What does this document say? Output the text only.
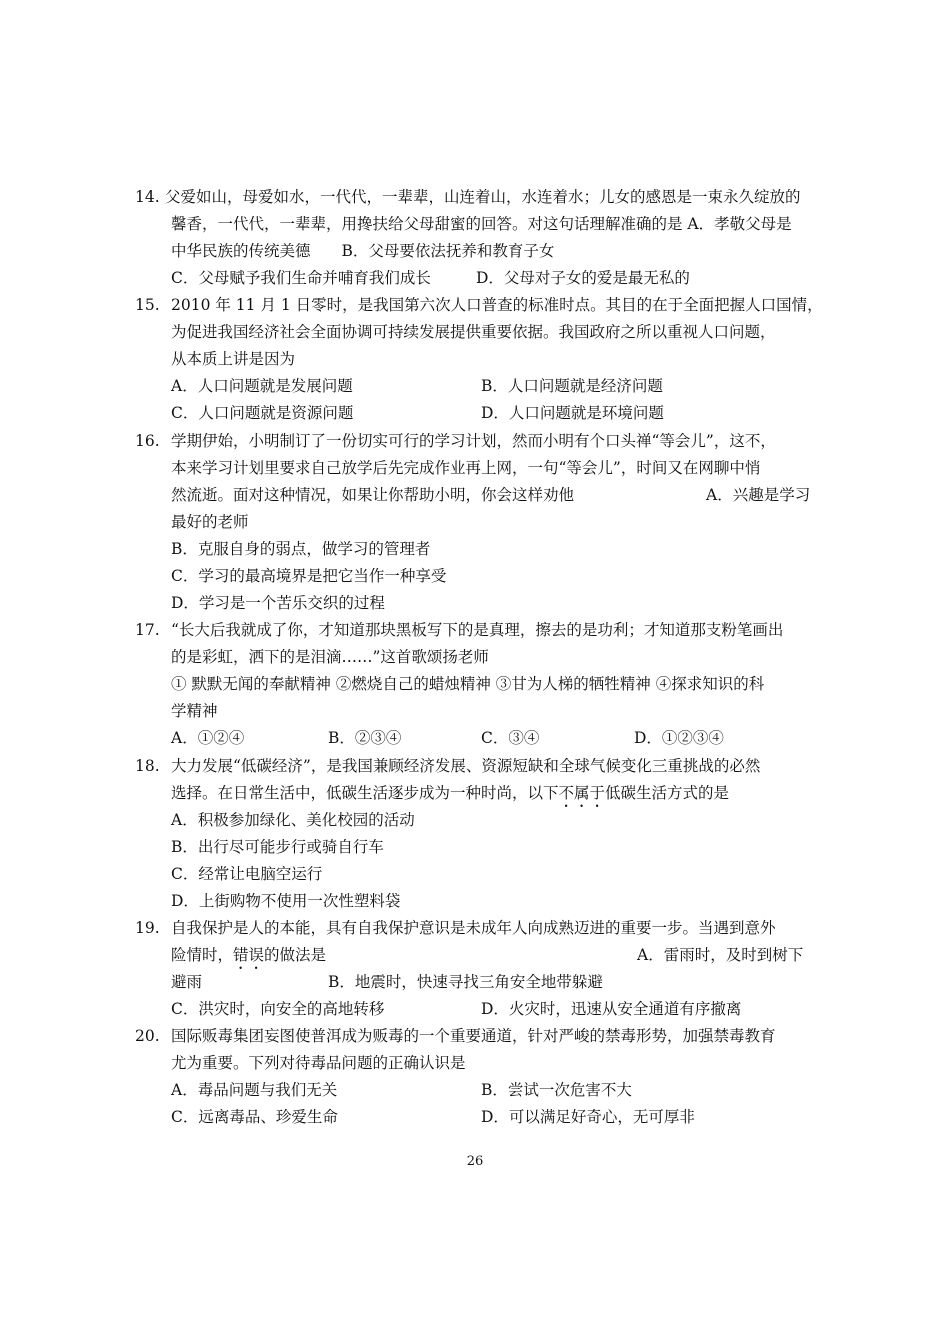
14. 父爱如山，母爱如水，一代代，一辈辈，山连着山，水连着水；儿女的感恩是一束永久绽放的
馨香，一代代，一辈辈，用搀扶给父母甜蜜的回答。对这句话理解准确的是 A．孝敬父母是
中华民族的传统美德　　B．父母要依法抚养和教育子女
C．父母赋予我们生命并哺育我们成长	D．父母对子女的爱是最无私的
15. 2010 年 11 月 1 日零时，是我国第六次人口普查的标准时点。其目的在于全面把握人口国情，
为促进我国经济社会全面协调可持续发展提供重要依据。我国政府之所以重视人口问题，
从本质上讲是因为
A．人口问题就是发展问题	B．人口问题就是经济问题
C．人口问题就是资源问题	D．人口问题就是环境问题
16. 学期伊始，小明制订了一份切实可行的学习计划，然而小明有个口头禅“等会儿”，这不，
本来学习计划里要求自己放学后先完成作业再上网，一句“等会儿”，时间又在网聊中悄
然流逝。面对这种情况，如果让你帮助小明，你会这样劝他	A．兴趣是学习
最好的老师
B．克服自身的弱点，做学习的管理者
C．学习的最高境界是把它当作一种享受
D．学习是一个苦乐交织的过程
17. “长大后我就成了你，才知道那块黑板写下的是真理，擦去的是功利；才知道那支粉笔画出
的是彩虹，洒下的是泪滴……”这首歌颂扬老师
① 默默无闻的奉献精神 ②燃烧自己的蜡烛精神 ③甘为人梯的牺牲精神 ④探求知识的科
学精神
A．①②④	B．②③④	C．③④	D．①②③④
18. 大力发展“低碳经济”，是我国兼顾经济发展、资源短缺和全球气候变化三重挑战的必然
选择。在日常生活中，低碳生活逐步成为一种时尚，以下不属于低碳生活方式的是
A．积极参加绿化、美化校园的活动
B．出行尽可能步行或骑自行车
C．经常让电脑空运行
D．上街购物不使用一次性塑料袋
19. 自我保护是人的本能，具有自我保护意识是未成年人向成熟迈进的重要一步。当遇到意外
险情时，错误的做法是	A．雷雨时，及时到树下
避雨	B．地震时，快速寻找三角安全地带躲避
C．洪灾时，向安全的高地转移	D．火灾时，迅速从安全通道有序撤离
20. 国际贩毒集团妄图使普洱成为贩毒的一个重要通道，针对严峻的禁毒形势，加强禁毒教育
尤为重要。下列对待毒品问题的正确认识是
A．毒品问题与我们无关	B．尝试一次危害不大
C．远离毒品、珍爱生命	D．可以满足好奇心，无可厚非
26
